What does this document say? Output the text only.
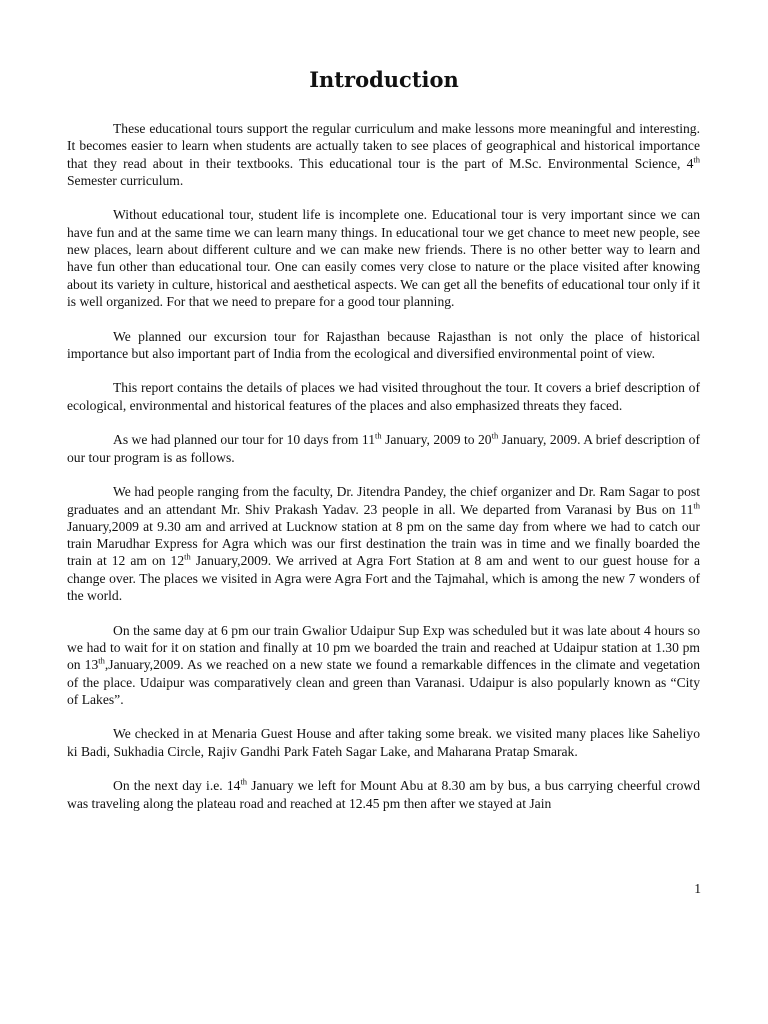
Introduction

These educational tours support the regular curriculum and make lessons more meaningful and interesting. It becomes easier to learn when students are actually taken to see places of geographical and historical importance that they read about in their textbooks. This educational tour is the part of M.Sc. Environmental Science, 4th Semester curriculum.

Without educational tour, student life is incomplete one. Educational tour is very important since we can have fun and at the same time we can learn many things. In educational tour we get chance to meet new people, see new places, learn about different culture and we can make new friends. There is no other better way to learn and have fun other than educational tour. One can easily comes very close to nature or the place visited after knowing about its variety in culture, historical and aesthetical aspects. We can get all the benefits of educational tour only if it is well organized. For that we need to prepare for a good tour planning.

We planned our excursion tour for Rajasthan because Rajasthan is not only the place of historical importance but also important part of India from the ecological and diversified environmental point of view.

This report contains the details of places we had visited throughout the tour. It covers a brief description of ecological, environmental and historical features of the places and also emphasized threats they faced.

As we had planned our tour for 10 days from 11th January, 2009 to 20th January, 2009. A brief description of our tour program is as follows.

We had people ranging from the faculty, Dr. Jitendra Pandey, the chief organizer and Dr. Ram Sagar to post graduates and an attendant Mr. Shiv Prakash Yadav. 23 people in all. We departed from Varanasi by Bus on 11th January,2009 at 9.30 am and arrived at Lucknow station at 8 pm on the same day from where we had to catch our train Marudhar Express for Agra which was our first destination the train was in time and we finally boarded the train at 12 am on 12th January,2009. We arrived at Agra Fort Station at 8 am and went to our guest house for a change over. The places we visited in Agra were Agra Fort and the Tajmahal, which is among the new 7 wonders of the world.

On the same day at 6 pm our train Gwalior Udaipur Sup Exp was scheduled but it was late about 4 hours so we had to wait for it on station and finally at 10 pm we boarded the train and reached at Udaipur station at 1.30 pm on 13th,January,2009. As we reached on a new state we found a remarkable diffences in the climate and vegetation of the place. Udaipur was comparatively clean and green than Varanasi. Udaipur is also popularly known as “City of Lakes”.

We checked in at Menaria Guest House and after taking some break. we visited many places like Saheliyo ki Badi, Sukhadia Circle, Rajiv Gandhi Park Fateh Sagar Lake, and Maharana Pratap Smarak.

On the next day i.e. 14th January we left for Mount Abu at 8.30 am by bus, a bus carrying cheerful crowd was traveling along the plateau road and reached at 12.45 pm then after we stayed at Jain

1
